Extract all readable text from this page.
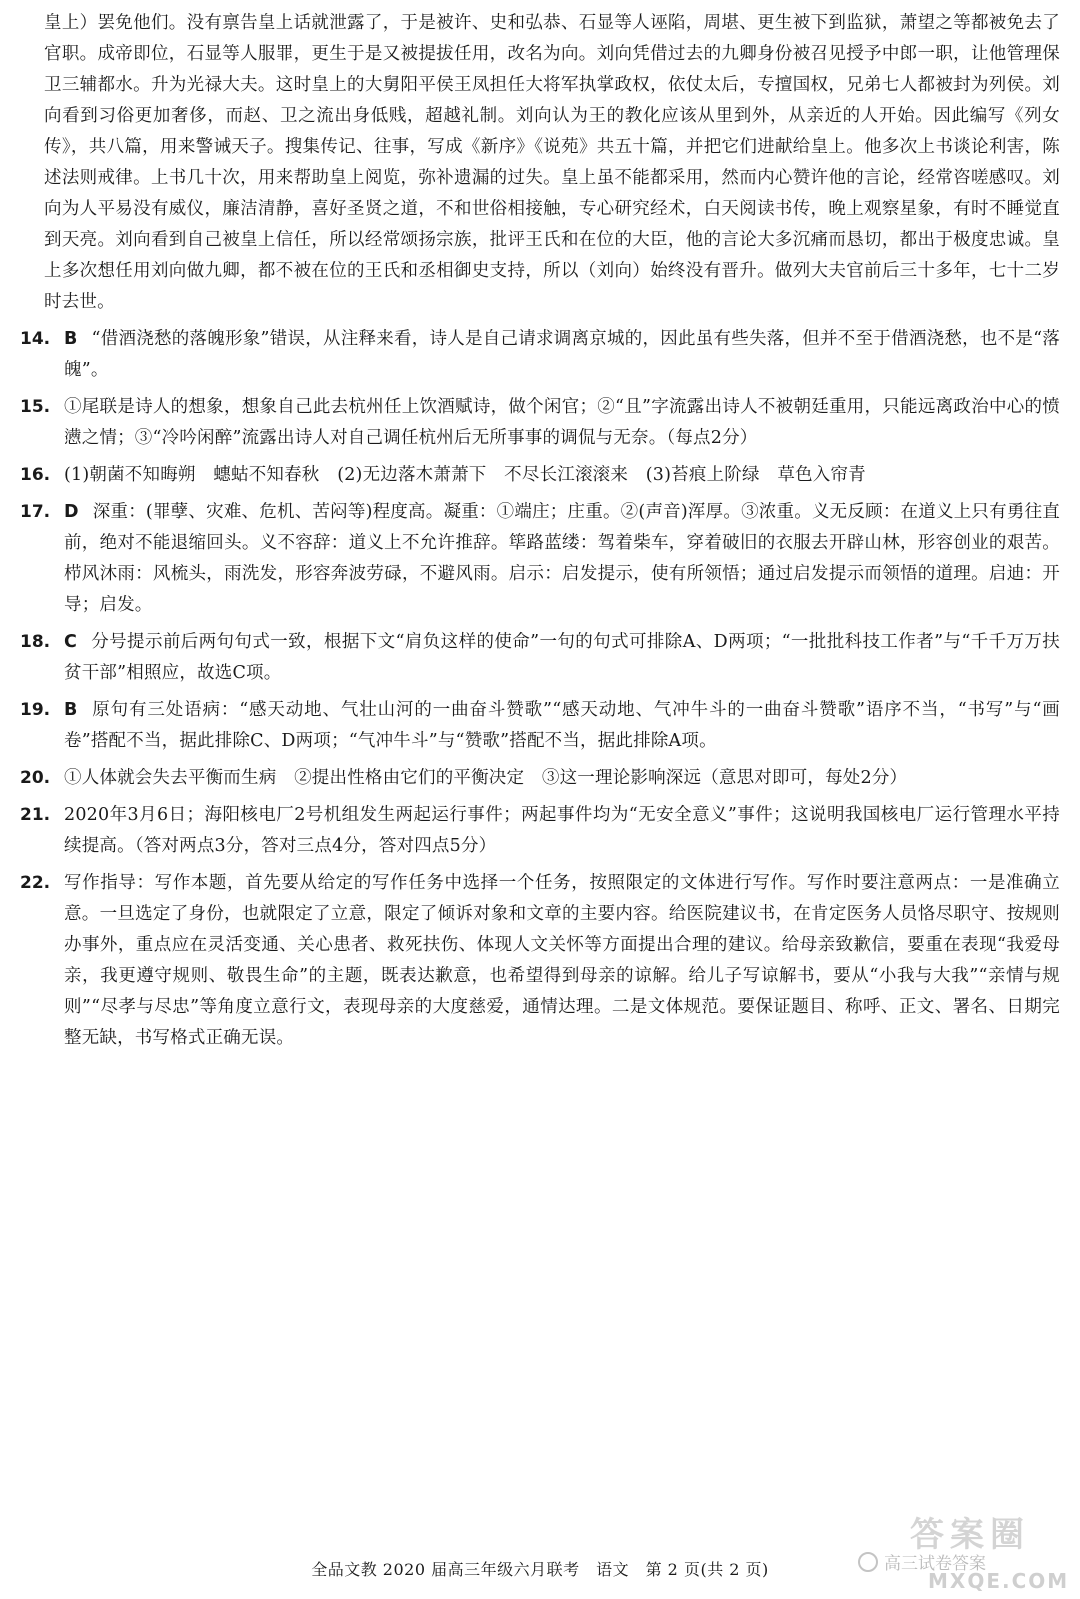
皇上）罢免他们。没有禀告皇上话就泄露了，于是被许、史和弘恭、石显等人诬陷，周堪、更生被下到监狱，萧望之等都被免去了官职。成帝即位，石显等人服罪，更生于是又被提拔任用，改名为向。刘向凭借过去的九卿身份被召见授予中郎一职，让他管理保卫三辅都水。升为光禄大夫。这时皇上的大舅阳平侯王凤担任大将军执掌政权，依仗太后，专擅国权，兄弟七人都被封为列侯。刘向看到习俗更加奢侈，而赵、卫之流出身低贱，超越礼制。刘向认为王的教化应该从里到外，从亲近的人开始。因此编写《列女传》，共八篇，用来警诫天子。搜集传记、往事，写成《新序》《说苑》共五十篇，并把它们进献给皇上。他多次上书谈论利害，陈述法则戒律。上书几十次，用来帮助皇上阅览，弥补遗漏的过失。皇上虽不能都采用，然而内心赞许他的言论，经常咨嗟感叹。刘向为人平易没有威仪，廉洁清静，喜好圣贤之道，不和世俗相接触，专心研究经术，白天阅读书传，晚上观察星象，有时不睡觉直到天亮。刘向看到自己被皇上信任，所以经常颂扬宗族，批评王氏和在位的大臣，他的言论大多沉痛而恳切，都出于极度忠诚。皇上多次想任用刘向做九卿，都不被在位的王氏和丞相御史支持，所以（刘向）始终没有晋升。做列大夫官前后三十多年，七十二岁时去世。

14. B “借酒浇愁的落魄形象”错误，从注释来看，诗人是自己请求调离京城的，因此虽有些失落，但并不至于借酒浇愁，也不是“落魄”。
15. ①尾联是诗人的想象，想象自己此去杭州任上饮酒赋诗，做个闲官；②“且”字流露出诗人不被朝廷重用，只能远离政治中心的愤懑之情；③“冷吟闲醉”流露出诗人对自己调任杭州后无所事事的调侃与无奈。（每点2分）
16. (1)朝菌不知晦朔　蟪蛄不知春秋　(2)无边落木萧萧下　不尽长江滚滚来　(3)苔痕上阶绿　草色入帘青
17. D 深重：(罪孽、灾难、危机、苦闷等)程度高。凝重：①端庄；庄重。②(声音)浑厚。③浓重。义无反顾：在道义上只有勇往直前，绝对不能退缩回头。义不容辞：道义上不允许推辞。筚路蓝缕：驾着柴车，穿着破旧的衣服去开辟山林，形容创业的艰苦。栉风沐雨：风梳头，雨洗发，形容奔波劳碌，不避风雨。启示：启发提示，使有所领悟；通过启发提示而领悟的道理。启迪：开导；启发。
18. C 分号提示前后两句句式一致，根据下文“肩负这样的使命”一句的句式可排除A、D两项；“一批批科技工作者”与“千千万万扶贫干部”相照应，故选C项。
19. B 原句有三处语病：“感天动地、气壮山河的一曲奋斗赞歌”“感天动地、气冲牛斗的一曲奋斗赞歌”语序不当，“书写”与“画卷”搭配不当，据此排除C、D两项；“气冲牛斗”与“赞歌”搭配不当，据此排除A项。
20. ①人体就会失去平衡而生病　②提出性格由它们的平衡决定　③这一理论影响深远（意思对即可，每处2分）
21. 2020年3月6日；海阳核电厂2号机组发生两起运行事件；两起事件均为“无安全意义”事件；这说明我国核电厂运行管理水平持续提高。（答对两点3分，答对三点4分，答对四点5分）
22. 写作指导：写作本题，首先要从给定的写作任务中选择一个任务，按照限定的文体进行写作。写作时要注意两点：一是准确立意。一旦选定了身份，也就限定了立意，限定了倾诉对象和文章的主要内容。给医院建议书，在肯定医务人员恪尽职守、按规则办事外，重点应在灵活变通、关心患者、救死扶伤、体现人文关怀等方面提出合理的建议。给母亲致歉信，要重在表现“我爱母亲，我更遵守规则、敬畏生命”的主题，既表达歉意，也希望得到母亲的谅解。给儿子写谅解书，要从“小我与大我”“亲情与规则”“尽孝与尽忠”等角度立意行文，表现母亲的大度慈爱，通情达理。二是文体规范。要保证题目、称呼、正文、署名、日期完整无缺，书写格式正确无误。
答案圈
高三试卷答案
MXQE.COM
全品文教 2020 届高三年级六月联考　语文　第 2 页(共 2 页)
